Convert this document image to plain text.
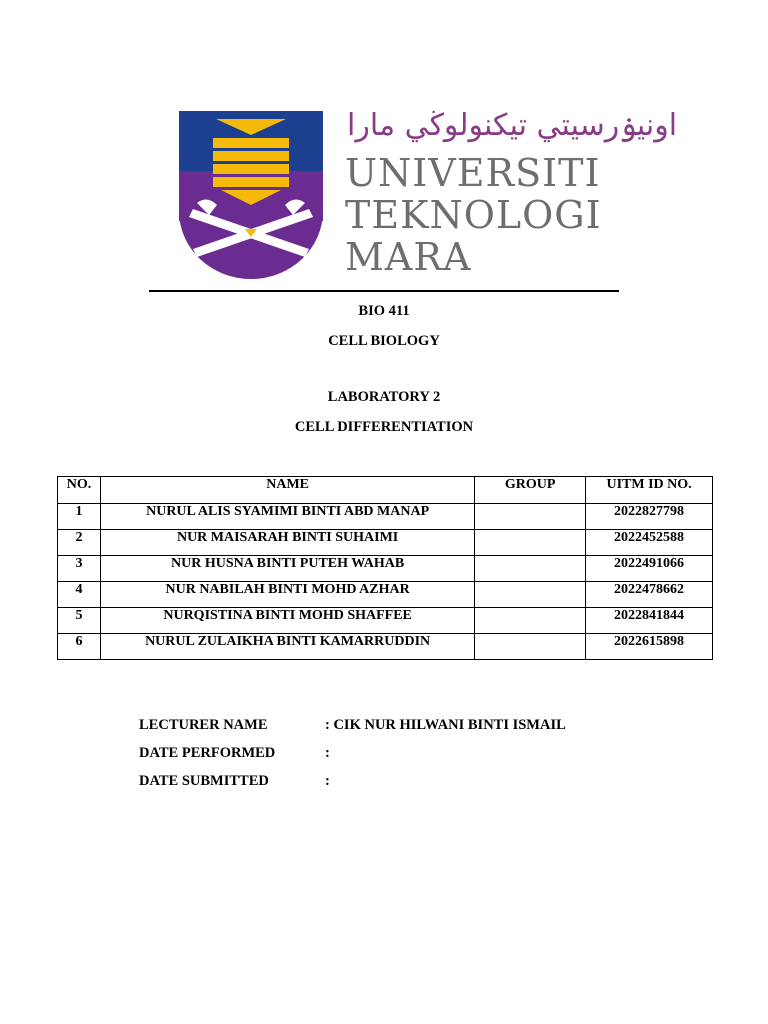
اونيۏرسيتي تيكنولوڬي مارا
UNIVERSITI
TEKNOLOGI
MARA
BIO 411
CELL BIOLOGY
LABORATORY 2
CELL DIFFERENTIATION
NO.	NAME	GROUP	UITM ID NO.
1	NURUL ALIS SYAMIMI BINTI ABD MANAP		2022827798
2	NUR MAISARAH BINTI SUHAIMI		2022452588
3	NUR HUSNA BINTI PUTEH WAHAB		2022491066
4	NUR NABILAH BINTI MOHD AZHAR		2022478662
5	NURQISTINA BINTI MOHD SHAFFEE		2022841844
6	NURUL ZULAIKHA BINTI KAMARRUDDIN		2022615898
LECTURER NAME	: CIK NUR HILWANI BINTI ISMAIL
DATE PERFORMED	:
DATE SUBMITTED	:
